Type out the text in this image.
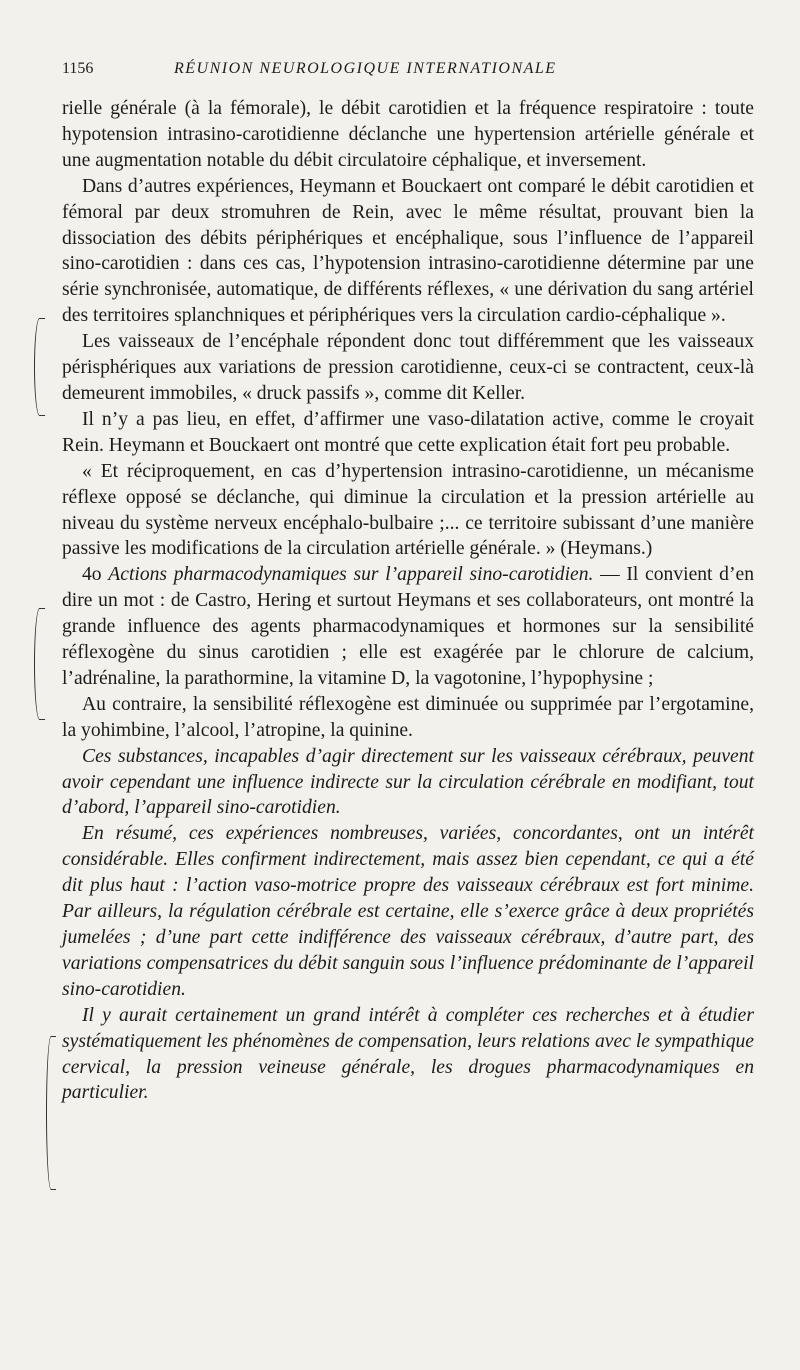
1156	RÉUNION NEUROLOGIQUE INTERNATIONALE

rielle générale (à la fémorale), le débit carotidien et la fréquence respiratoire : toute hypotension intrasino-carotidienne déclanche une hypertension artérielle générale et une augmentation notable du débit circulatoire céphalique, et inversement.

Dans d’autres expériences, Heymann et Bouckaert ont comparé le débit carotidien et fémoral par deux stromuhren de Rein, avec le même résultat, prouvant bien la dissociation des débits périphériques et encéphalique, sous l’influence de l’appareil sino-carotidien : dans ces cas, l’hypotension intrasino-carotidienne détermine par une série synchronisée, automatique, de différents réflexes, « une dérivation du sang artériel des territoires splanchniques et périphériques vers la circulation cardio-céphalique ».

Les vaisseaux de l’encéphale répondent donc tout différemment que les vaisseaux périsphériques aux variations de pression carotidienne, ceux-ci se contractent, ceux-là demeurent immobiles, « druck passifs », comme dit Keller.

Il n’y a pas lieu, en effet, d’affirmer une vaso-dilatation active, comme le croyait Rein. Heymann et Bouckaert ont montré que cette explication était fort peu probable.

« Et réciproquement, en cas d’hypertension intrasino-carotidienne, un mécanisme réflexe opposé se déclanche, qui diminue la circulation et la pression artérielle au niveau du système nerveux encéphalo-bulbaire ;... ce territoire subissant d’une manière passive les modifications de la circulation artérielle générale. » (Heymans.)

4o Actions pharmacodynamiques sur l’appareil sino-carotidien. — Il convient d’en dire un mot : de Castro, Hering et surtout Heymans et ses collaborateurs, ont montré la grande influence des agents pharmacodynamiques et hormones sur la sensibilité réflexogène du sinus carotidien ; elle est exagérée par le chlorure de calcium, l’adrénaline, la parathormine, la vitamine D, la vagotonine, l’hypophysine ;

Au contraire, la sensibilité réflexogène est diminuée ou supprimée par l’ergotamine, la yohimbine, l’alcool, l’atropine, la quinine.

Ces substances, incapables d’agir directement sur les vaisseaux cérébraux, peuvent avoir cependant une influence indirecte sur la circulation cérébrale en modifiant, tout d’abord, l’appareil sino-carotidien.

En résumé, ces expériences nombreuses, variées, concordantes, ont un intérêt considérable. Elles confirment indirectement, mais assez bien cependant, ce qui a été dit plus haut : l’action vaso-motrice propre des vaisseaux cérébraux est fort minime. Par ailleurs, la régulation cérébrale est certaine, elle s’exerce grâce à deux propriétés jumelées ; d’une part cette indifférence des vaisseaux cérébraux, d’autre part, des variations compensatrices du débit sanguin sous l’influence prédominante de l’appareil sino-carotidien.

Il y aurait certainement un grand intérêt à compléter ces recherches et à étudier systématiquement les phénomènes de compensation, leurs relations avec le sympathique cervical, la pression veineuse générale, les drogues pharmacodynamiques en particulier.
